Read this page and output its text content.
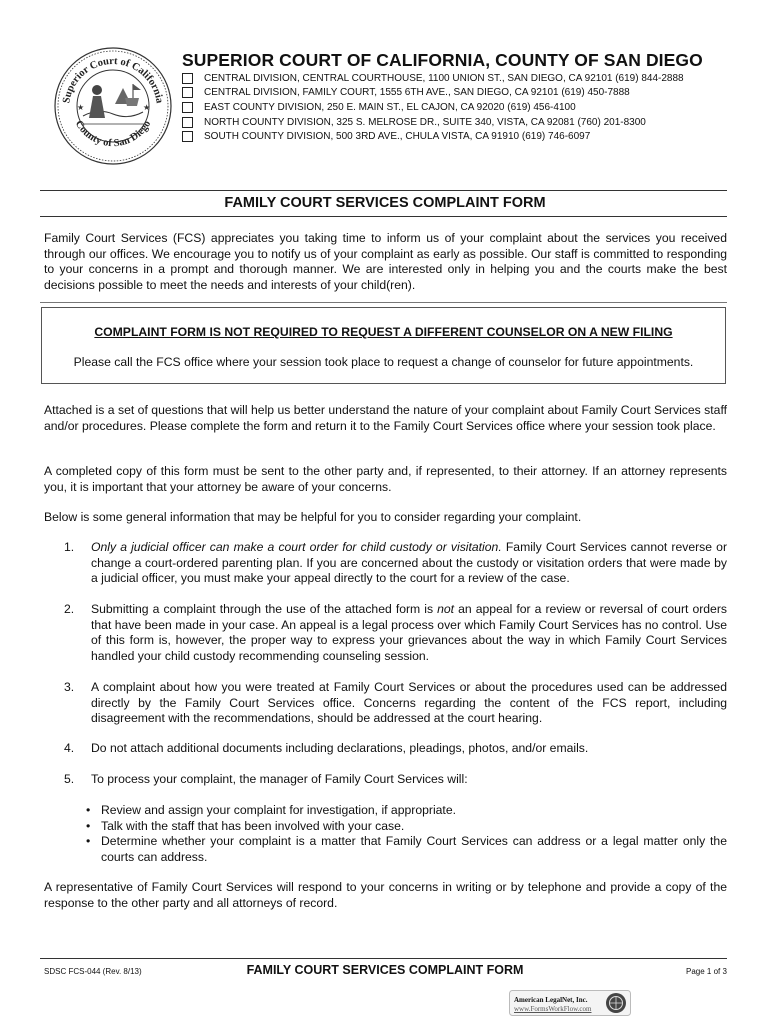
Superior Court of California
County of San Diego
★	★
SUPERIOR COURT OF CALIFORNIA, COUNTY OF SAN DIEGO
CENTRAL DIVISION, CENTRAL COURTHOUSE, 1100 UNION ST., SAN DIEGO, CA 92101 (619) 844-2888
CENTRAL DIVISION, FAMILY COURT, 1555 6TH AVE., SAN DIEGO, CA 92101 (619) 450-7888
EAST COUNTY DIVISION, 250 E. MAIN ST., EL CAJON, CA 92020 (619) 456-4100
NORTH COUNTY DIVISION, 325 S. MELROSE DR., SUITE 340, VISTA, CA 92081 (760) 201-8300
SOUTH COUNTY DIVISION, 500 3RD AVE., CHULA VISTA, CA 91910 (619) 746-6097
FAMILY COURT SERVICES COMPLAINT FORM
Family Court Services (FCS) appreciates you taking time to inform us of your complaint about the services you received through our offices. We encourage you to notify us of your complaint as early as possible. Our staff is committed to responding to your concerns in a prompt and thorough manner. We are interested only in helping you and the courts make the best decisions possible to meet the needs and interests of your child(ren).
COMPLAINT FORM IS NOT REQUIRED TO REQUEST A DIFFERENT COUNSELOR ON A NEW FILING
Please call the FCS office where your session took place to request a change of counselor for future appointments.
Attached is a set of questions that will help us better understand the nature of your complaint about Family Court Services staff and/or procedures. Please complete the form and return it to the Family Court Services office where your session took place.
A completed copy of this form must be sent to the other party and, if represented, to their attorney. If an attorney represents you, it is important that your attorney be aware of your concerns.
Below is some general information that may be helpful for you to consider regarding your complaint.
1. Only a judicial officer can make a court order for child custody or visitation. Family Court Services cannot reverse or change a court-ordered parenting plan. If you are concerned about the custody or visitation orders that were made by a judicial officer, you must make your appeal directly to the court for a review of the case.
2. Submitting a complaint through the use of the attached form is not an appeal for a review or reversal of court orders that have been made in your case. An appeal is a legal process over which Family Court Services has no control. Use of this form is, however, the proper way to express your grievances about the way in which Family Court Services handled your child custody recommending counseling session.
3. A complaint about how you were treated at Family Court Services or about the procedures used can be addressed directly by the Family Court Services office. Concerns regarding the content of the FCS report, including disagreement with the recommendations, should be addressed at the court hearing.
4. Do not attach additional documents including declarations, pleadings, photos, and/or emails.
5. To process your complaint, the manager of Family Court Services will:
• Review and assign your complaint for investigation, if appropriate.
• Talk with the staff that has been involved with your case.
• Determine whether your complaint is a matter that Family Court Services can address or a legal matter only the courts can address.
A representative of Family Court Services will respond to your concerns in writing or by telephone and provide a copy of the response to the other party and all attorneys of record.
SDSC FCS-044 (Rev. 8/13)	FAMILY COURT SERVICES COMPLAINT FORM	Page 1 of 3
American LegalNet, Inc.
www.FormsWorkFlow.com
